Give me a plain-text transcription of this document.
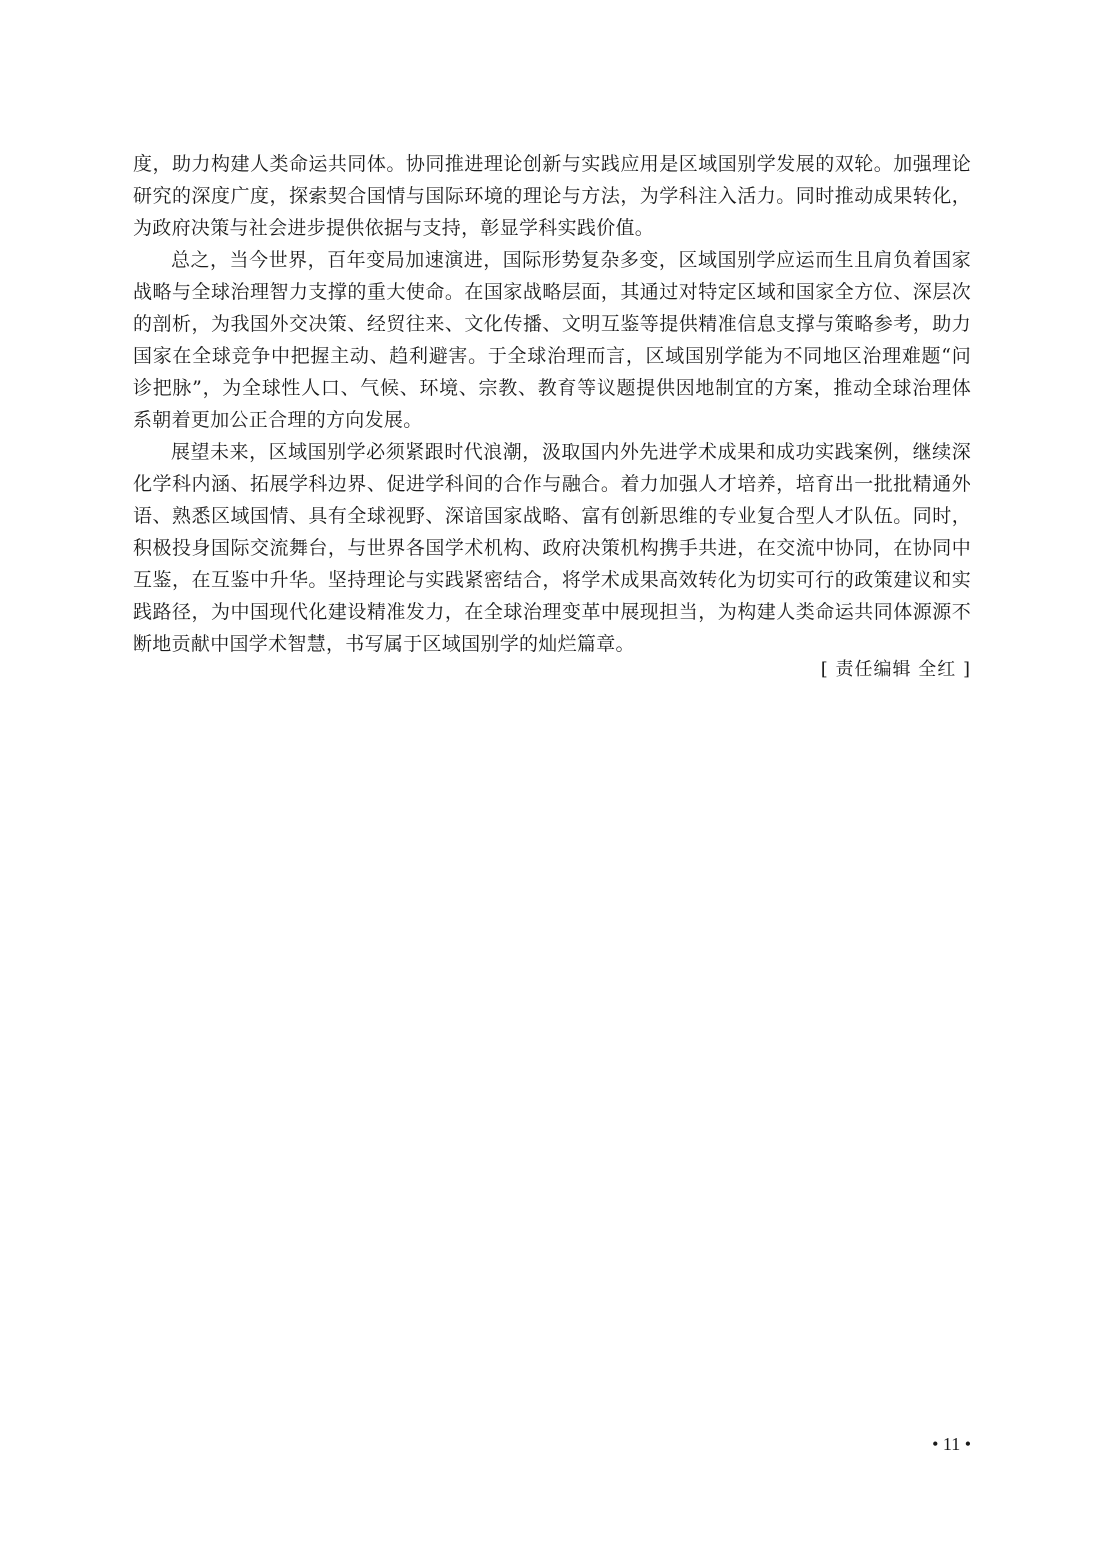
度，助力构建人类命运共同体。协同推进理论创新与实践应用是区域国别学发展的双轮。加强理论研究的深度广度，探索契合国情与国际环境的理论与方法，为学科注入活力。同时推动成果转化，为政府决策与社会进步提供依据与支持，彰显学科实践价值。

总之，当今世界，百年变局加速演进，国际形势复杂多变，区域国别学应运而生且肩负着国家战略与全球治理智力支撑的重大使命。在国家战略层面，其通过对特定区域和国家全方位、深层次的剖析，为我国外交决策、经贸往来、文化传播、文明互鉴等提供精准信息支撑与策略参考，助力国家在全球竞争中把握主动、趋利避害。于全球治理而言，区域国别学能为不同地区治理难题“问诊把脉”，为全球性人口、气候、环境、宗教、教育等议题提供因地制宜的方案，推动全球治理体系朝着更加公正合理的方向发展。

展望未来，区域国别学必须紧跟时代浪潮，汲取国内外先进学术成果和成功实践案例，继续深化学科内涵、拓展学科边界、促进学科间的合作与融合。着力加强人才培养，培育出一批批精通外语、熟悉区域国情、具有全球视野、深谙国家战略、富有创新思维的专业复合型人才队伍。同时，积极投身国际交流舞台，与世界各国学术机构、政府决策机构携手共进，在交流中协同，在协同中互鉴，在互鉴中升华。坚持理论与实践紧密结合，将学术成果高效转化为切实可行的政策建议和实践路径，为中国现代化建设精准发力，在全球治理变革中展现担当，为构建人类命运共同体源源不断地贡献中国学术智慧，书写属于区域国别学的灿烂篇章。

[ 责任编辑 全红 ]
• 11 •
